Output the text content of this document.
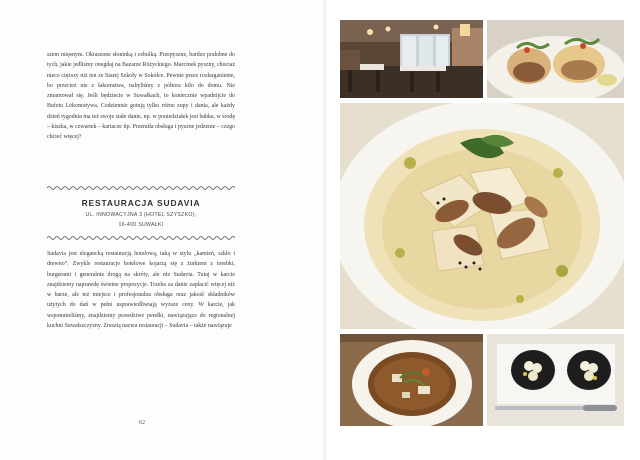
szem mięsnym. Okraszone słoninką i cebulką. Przepyszne, bardzo podobne do tych, jakie jedliśmy onegdaj na Bazarze Różyckiego. Marcinek pyszny, chociaż nieco cięższy niż ten ze Starej Szkoły w Sokółce. Pewnie przez rozłarganienie, bo przecież nie z łakomstwa, nabyliśmy z półtora kilo do domu. Nie zmarnował się. Jeśli będziecie w Suwałkach, to koniecznie wpadnijcie do Bufetu Lokomotywa. Codziennie gotują tylko różne zupy i dania, ale każdy dzień tygodnia ma też swoje stałe danie, np. w poniedziałek jest babka, w środę – kiszka, w czwartek – kartacze itp. Przemiła obsługa i pyszne jedzenie – czego chcieć więcej?

RESTAURACJA SUDAVIA
UL. INNOWACYJNA 3 (HOTEL SZYSZKO),
16-400 SUWAŁKI

Sudavia jest elegancką restauracją hotelową, taką w stylu „kamień, szkło i drewno”. Zwykle restauracje hotelowe kojarzą się z żurkiem z torebki, burgerami i generalnie drogą na skróty, ale nie Sudavia. Tutaj w karcie znajdziemy naprawdę świetne propozycje. Trzeba za danie zapłacić więcej niż w barze, ale też miejsce i profesjonalna obsługa oraz jakość składników użytych do dań w pełni usprawiedliwiają wyższe ceny. W karcie, jak wspomnieliśmy, znajdziemy prawdziwe perełki, nawiązujące do regionalnej kuchni Suwalszczyzny. Zresztą nazwa restauracji – Sudavia – także nawiązuje

62
